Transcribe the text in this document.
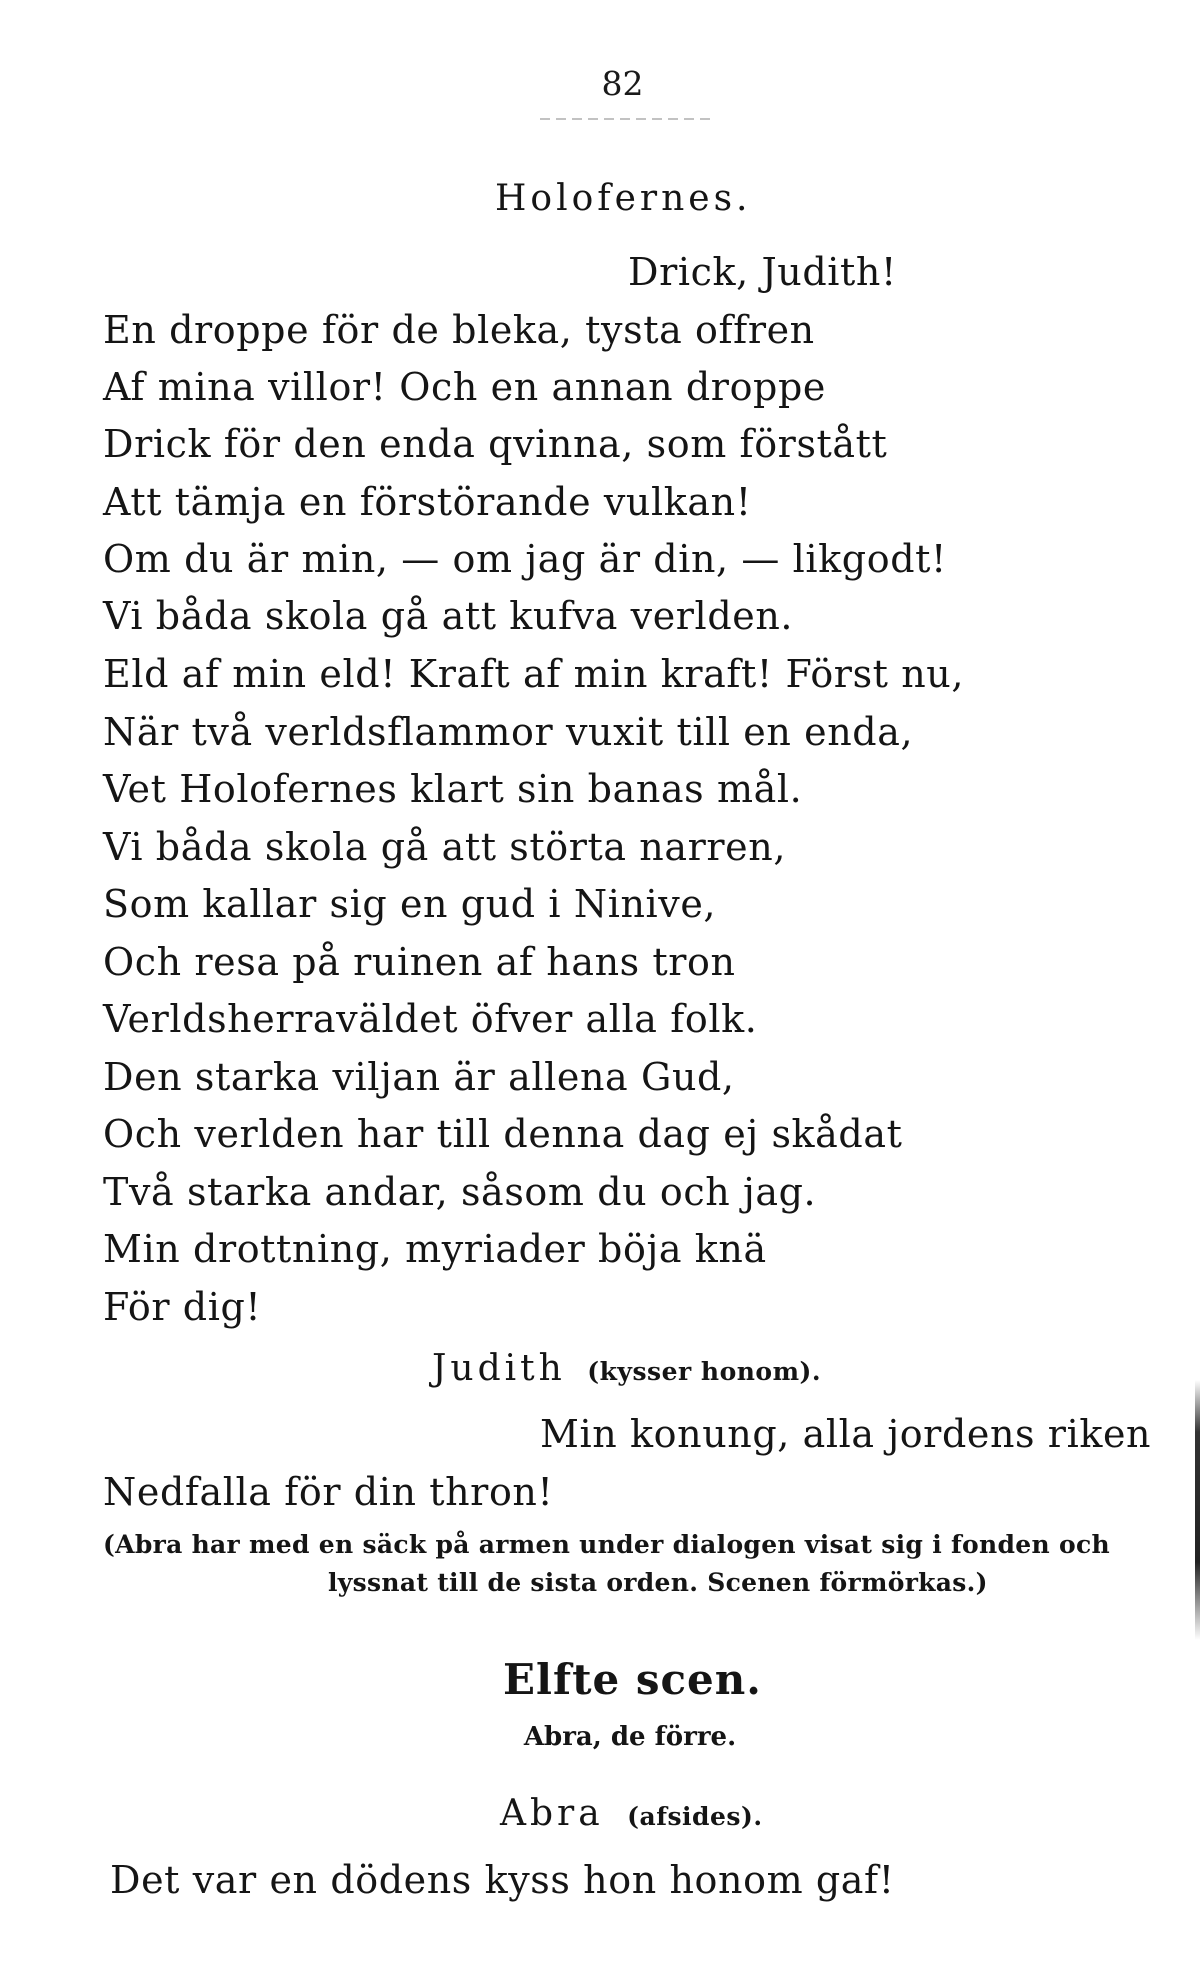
82
Holofernes.
Drick, Judith!
En droppe för de bleka, tysta offren
Af mina villor! Och en annan droppe
Drick för den enda qvinna, som förstått
Att tämja en förstörande vulkan!
Om du är min, — om jag är din, — likgodt!
Vi båda skola gå att kufva verlden.
Eld af min eld! Kraft af min kraft! Först nu,
När två verldsflammor vuxit till en enda,
Vet Holofernes klart sin banas mål.
Vi båda skola gå att störta narren,
Som kallar sig en gud i Ninive,
Och resa på ruinen af hans tron
Verldsherraväldet öfver alla folk.
Den starka viljan är allena Gud,
Och verlden har till denna dag ej skådat
Två starka andar, såsom du och jag.
Min drottning, myriader böja knä
För dig!
Judith (kysser honom).
Min konung, alla jordens riken
Nedfalla för din thron!
(Abra har med en säck på armen under dialogen visat sig i fonden och
lyssnat till de sista orden. Scenen förmörkas.)
Elfte scen.
Abra, de förre.
Abra (afsides).
Det var en dödens kyss hon honom gaf!
